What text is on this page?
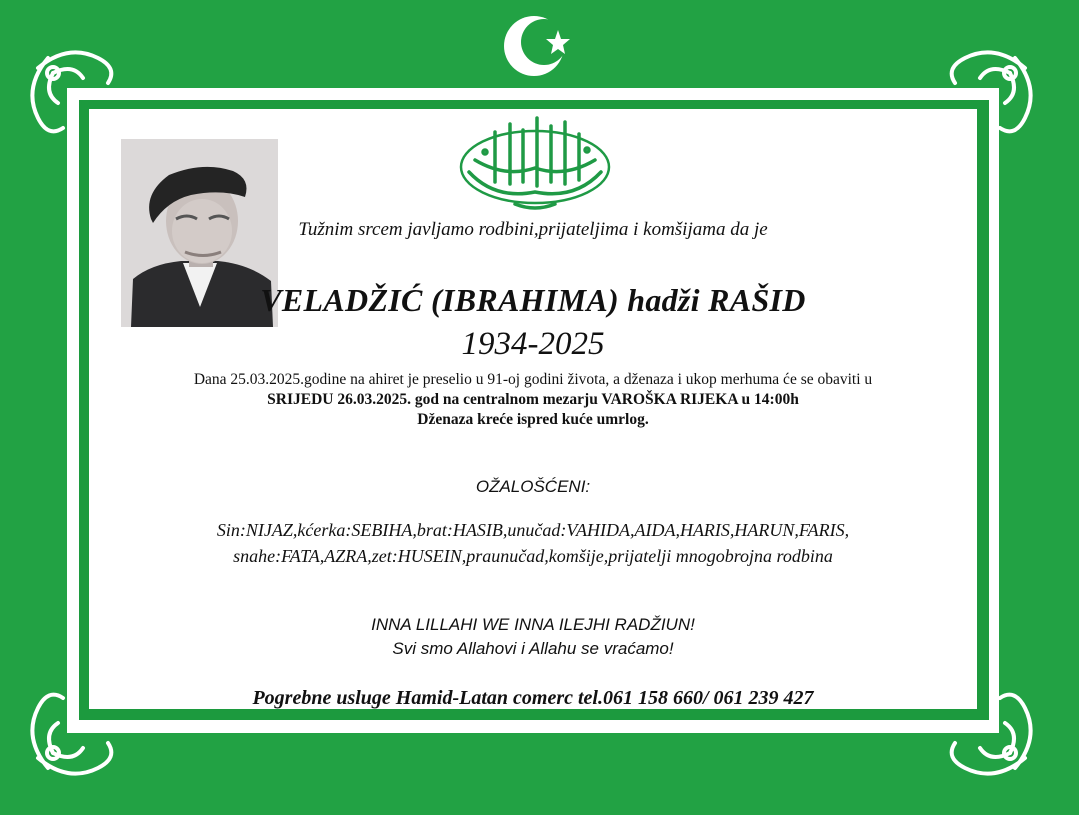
Tužnim srcem javljamo rodbini,prijateljima i komšijama da je
VELADŽIĆ (IBRAHIMA) hadži RAŠID
1934-2025
Dana 25.03.2025.godine na ahiret je preselio u 91-oj godini života, a dženaza i ukop merhuma će se obaviti u
SRIJEDU 26.03.2025. god na centralnom mezarju VAROŠKA RIJEKA u 14:00h
Dženaza kreće ispred kuće umrlog.
OŽALOŠĆENI:
Sin:NIJAZ,kćerka:SEBIHA,brat:HASIB,unučad:VAHIDA,AIDA,HARIS,HARUN,FARIS,
snahe:FATA,AZRA,zet:HUSEIN,praunučad,komšije,prijatelji mnogobrojna rodbina
INNA LILLAHI WE INNA ILEJHI RADŽIUN!
Svi smo Allahovi i Allahu se vraćamo!
Pogrebne usluge Hamid-Latan comerc tel.061 158 660/ 061 239 427
